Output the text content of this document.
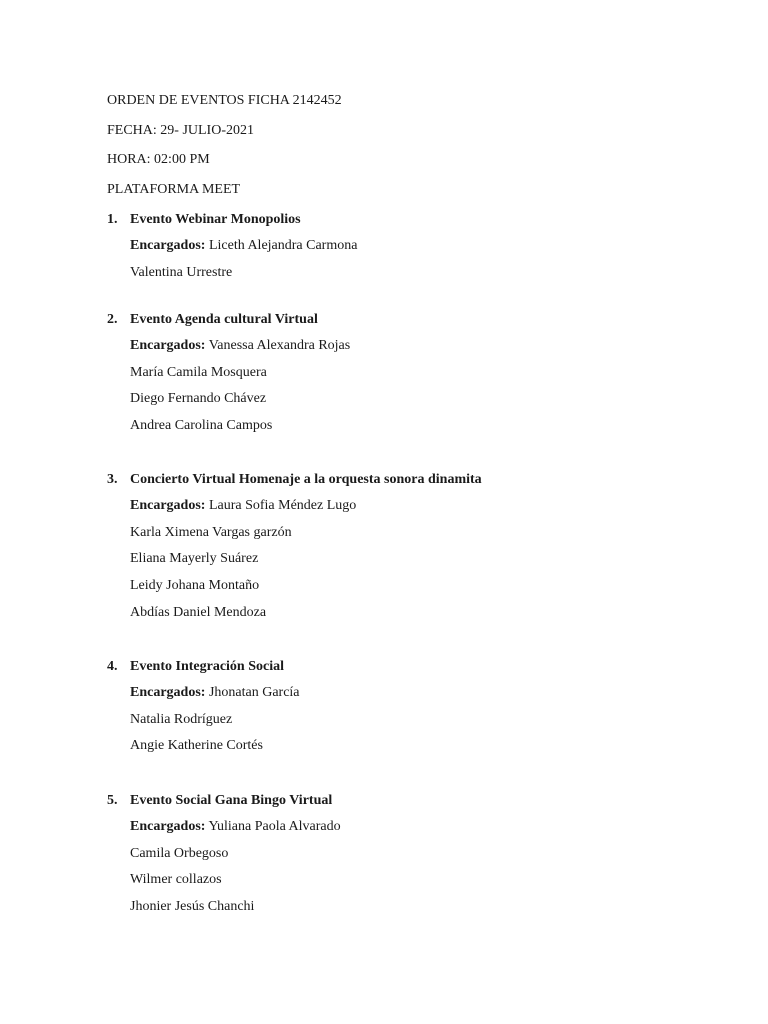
ORDEN DE EVENTOS FICHA 2142452
FECHA: 29- JULIO-2021
HORA: 02:00 PM
PLATAFORMA MEET
1. Evento Webinar Monopolios
Encargados: Liceth Alejandra Carmona
Valentina Urrestre
2. Evento Agenda cultural Virtual
Encargados: Vanessa Alexandra Rojas
María Camila Mosquera
Diego Fernando Chávez
Andrea Carolina Campos
3. Concierto Virtual Homenaje a la orquesta sonora dinamita
Encargados: Laura Sofia Méndez Lugo
Karla Ximena Vargas garzón
Eliana Mayerly Suárez
Leidy Johana Montaño
Abdías Daniel Mendoza
4. Evento Integración Social
Encargados: Jhonatan García
Natalia Rodríguez
Angie Katherine Cortés
5. Evento Social Gana Bingo Virtual
Encargados: Yuliana Paola Alvarado
Camila Orbegoso
Wilmer collazos
Jhonier Jesús Chanchi
